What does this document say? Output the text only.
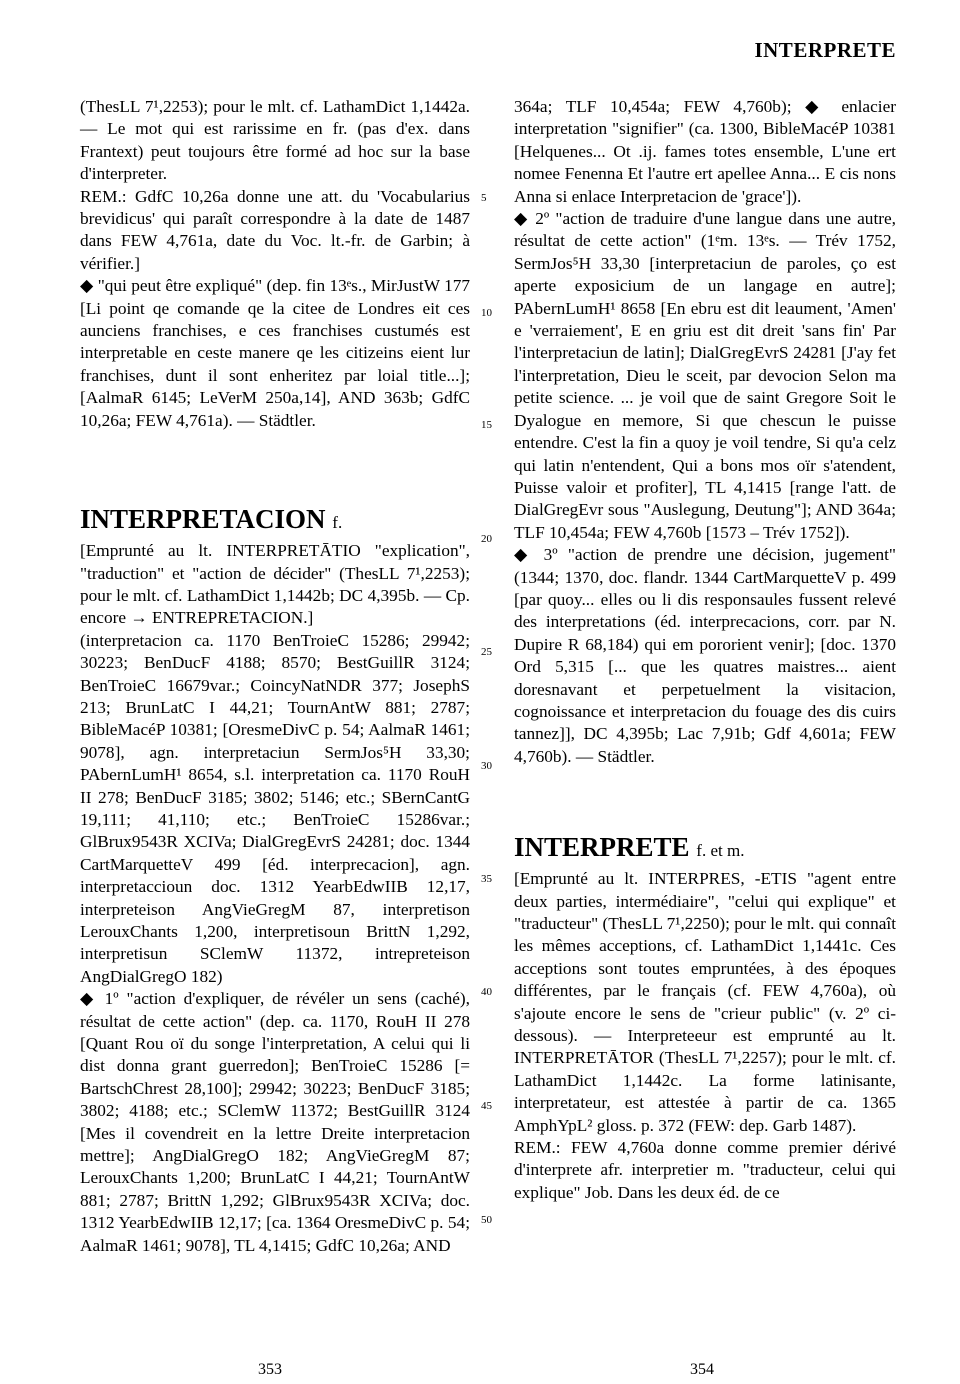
INTERPRETE

(ThesLL 7¹,2253); pour le mlt. cf. LathamDict 1,1442a. — Le mot qui est rarissime en fr. (pas d'ex. dans Frantext) peut toujours être formé ad hoc sur la base d'interpreter.

REM.: GdfC 10,26a donne une att. du 'Vocabularius brevidicus' qui paraît correspondre à la date de 1487 dans FEW 4,761a, date du Voc. lt.-fr. de Garbin; à vérifier.]

◆ "qui peut être expliqué" (dep. fin 13ᵉs., MirJustW 177 [Li point qe comande qe la citee de Londres eit ces aunciens franchises, e ces franchises custumés est interpretable en ceste manere qe les citizeins eient lur franchises, dunt il sont enheritez par loial title...]; [AalmaR 6145; LeVerM 250a,14], AND 363b; GdfC 10,26a; FEW 4,761a). — Städtler.

INTERPRETACION f.

[Emprunté au lt. INTERPRETĀTIO "explication", "traduction" et "action de décider" (ThesLL 7¹,2253); pour le mlt. cf. LathamDict 1,1442b; DC 4,395b. — Cp. encore → ENTREPRETACION.]

(interpretacion ca. 1170 BenTroieC 15286; 29942; 30223; BenDucF 4188; 8570; BestGuillR 3124; BenTroieC 16679var.; CoincyNatNDR 377; JosephS 213; BrunLatC I 44,21; TournAntW 881; 2787; BibleMacéP 10381; [OresmeDivC p. 54; AalmaR 1461; 9078], agn. interpretaciun SermJos⁵H 33,30; PAbernLumH¹ 8654, s.l. interpretation ca. 1170 RouH II 278; BenDucF 3185; 3802; 5146; etc.; SBernCantG 19,111; 41,110; etc.; BenTroieC 15286var.; GlBrux9543R XCIVa; DialGregEvrS 24281; doc. 1344 CartMarquetteV 499 [éd. interprecacion], agn. interpretaccioun doc. 1312 YearbEdwIIB 12,17, interpreteison AngVieGregM 87, interpretison LerouxChants 1,200, interpretisoun BrittN 1,292, interpretisun SClemW 11372, intrepreteison AngDialGregO 182)

◆ 1º "action d'expliquer, de révéler un sens (caché), résultat de cette action" (dep. ca. 1170, RouH II 278 [Quant Rou oï du songe l'interpretation, A celui qui li dist donna grant guerredon]; BenTroieC 15286 [= BartschChrest 28,100]; 29942; 30223; BenDucF 3185; 3802; 4188; etc.; SClemW 11372; BestGuillR 3124 [Mes il covendreit en la lettre Dreite interpretacion mettre]; AngDialGregO 182; AngVieGregM 87; LerouxChants 1,200; BrunLatC I 44,21; TournAntW 881; 2787; BrittN 1,292; GlBrux9543R XCIVa; doc. 1312 YearbEdwIIB 12,17; [ca. 1364 OresmeDivC p. 54; AalmaR 1461; 9078], TL 4,1415; GdfC 10,26a; AND

364a; TLF 10,454a; FEW 4,760b); ◆ enlacier interpretation "signifier" (ca. 1300, BibleMacéP 10381 [Helquenes... Ot .ij. fames totes ensemble, L'une ert nomee Fenenna Et l'autre ert apellee Anna... E cis nons Anna si enlace Interpretacion de 'grace']).

◆ 2º "action de traduire d'une langue dans une autre, résultat de cette action" (1ᵉm. 13ᵉs. — Trév 1752, SermJos⁵H 33,30 [interpretaciun de paroles, ço est aperte exposicium de un langage en autre]; PAbernLumH¹ 8658 [En ebru est dit leaument, 'Amen' e 'verraiement', E en griu est dit dreit 'sans fin' Par l'interpretaciun de latin]; DialGregEvrS 24281 [J'ay fet l'interpretation, Dieu le sceit, par devocion Selon ma petite science. ... je voil que de saint Gregore Soit le Dyalogue en memore, Si que chescun le puisse entendre. C'est la fin a quoy je voil tendre, Si qu'a celz qui latin n'entendent, Qui a bons mos oïr s'atendent, Puisse valoir et profiter], TL 4,1415 [range l'att. de DialGregEvr sous "Auslegung, Deutung"]; AND 364a; TLF 10,454a; FEW 4,760b [1573 – Trév 1752]).

◆ 3º "action de prendre une décision, jugement" (1344; 1370, doc. flandr. 1344 CartMarquetteV p. 499 [par quoy... elles ou li dis responsaules fussent relevé des interpretations (éd. interprecacions, corr. par N. Dupire R 68,184) qui em pororient venir]; [doc. 1370 Ord 5,315 [... que les quatres maistres... aient doresnavant et perpetuelment la visitacion, cognoissance et interpretacion du fouage des dis cuirs tannez]], DC 4,395b; Lac 7,91b; Gdf 4,601a; FEW 4,760b). — Städtler.

INTERPRETE f. et m.

[Emprunté au lt. INTERPRES, -ETIS "agent entre deux parties, intermédiaire", "celui qui explique" et "traducteur" (ThesLL 7¹,2250); pour le mlt. qui connaît les mêmes acceptions, cf. LathamDict 1,1441c. Ces acceptions sont toutes empruntées, à des époques différentes, par le français (cf. FEW 4,760a), où s'ajoute encore le sens de "crieur public" (v. 2º ci-dessous). — Interpreteeur est emprunté au lt. INTERPRETĀTOR (ThesLL 7¹,2257); pour le mlt. cf. LathamDict 1,1442c. La forme latinisante, interpretateur, est attestée à partir de ca. 1365 AmphYpL² gloss. p. 372 (FEW: dep. Garb 1487).

REM.: FEW 4,760a donne comme premier dérivé d'interprete afr. interpretier m. "traducteur, celui qui explique" Job. Dans les deux éd. de ce

5
10
15
20
25
30
35
40
45
50
353	354
